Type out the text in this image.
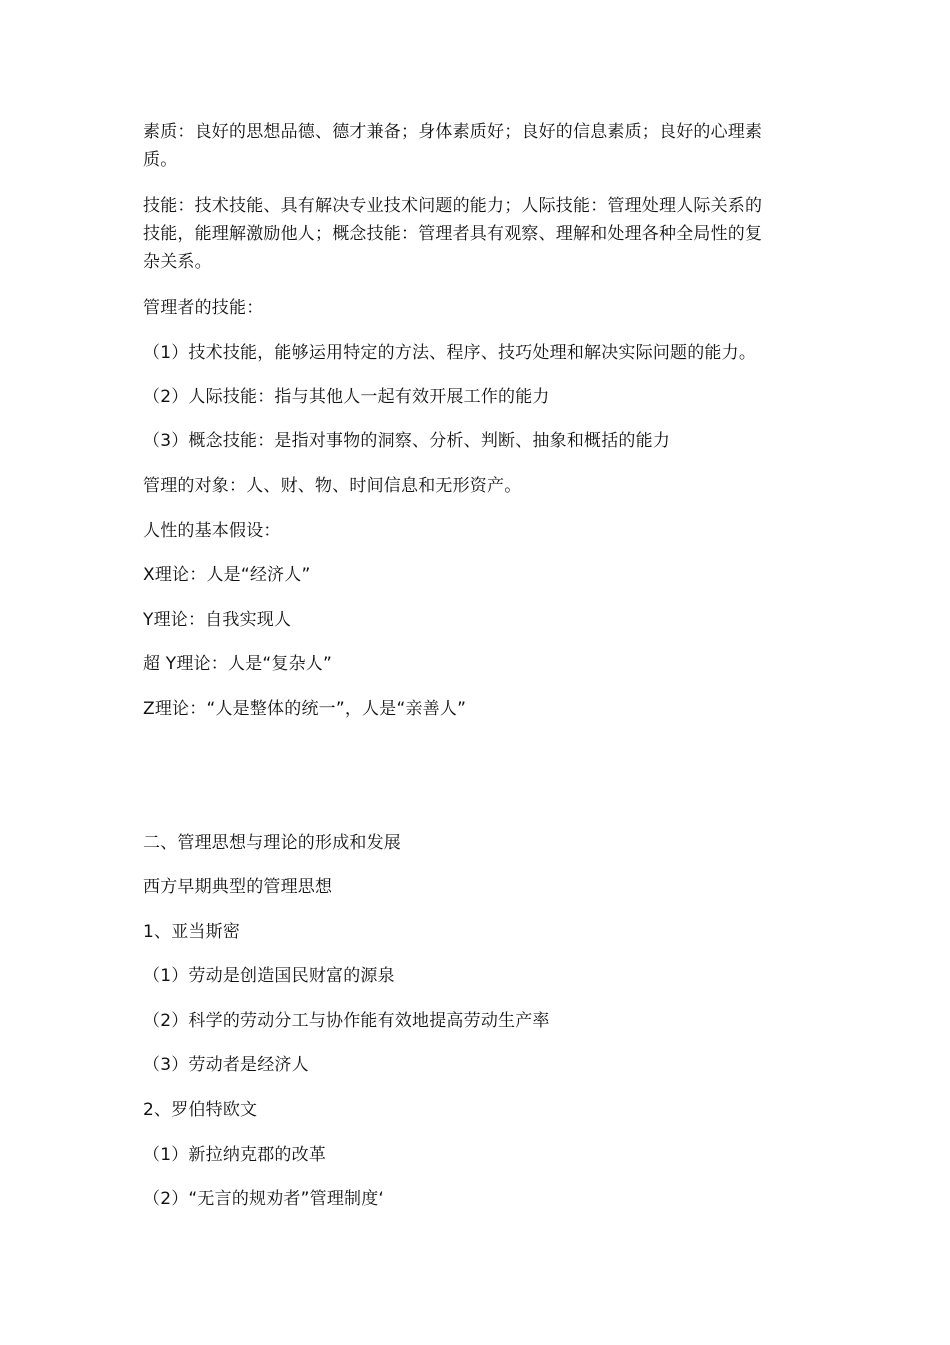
素质：良好的思想品德、德才兼备；身体素质好；良好的信息素质；良好的心理素质。
技能：技术技能、具有解决专业技术问题的能力；人际技能：管理处理人际关系的技能，能理解激励他人；概念技能：管理者具有观察、理解和处理各种全局性的复杂关系。
管理者的技能：
（1）技术技能，能够运用特定的方法、程序、技巧处理和解决实际问题的能力。
（2）人际技能：指与其他人一起有效开展工作的能力
（3）概念技能：是指对事物的洞察、分析、判断、抽象和概括的能力
管理的对象：人、财、物、时间信息和无形资产。
人性的基本假设：
X理论：人是“经济人”
Y理论：自我实现人
超 Y理论：人是“复杂人”
Z理论：“人是整体的统一”，人是“亲善人”
二、管理思想与理论的形成和发展
西方早期典型的管理思想
1、亚当斯密
（1）劳动是创造国民财富的源泉
（2）科学的劳动分工与协作能有效地提高劳动生产率
（3）劳动者是经济人
2、罗伯特欧文
（1）新拉纳克郡的改革
（2）“无言的规劝者”管理制度‘
